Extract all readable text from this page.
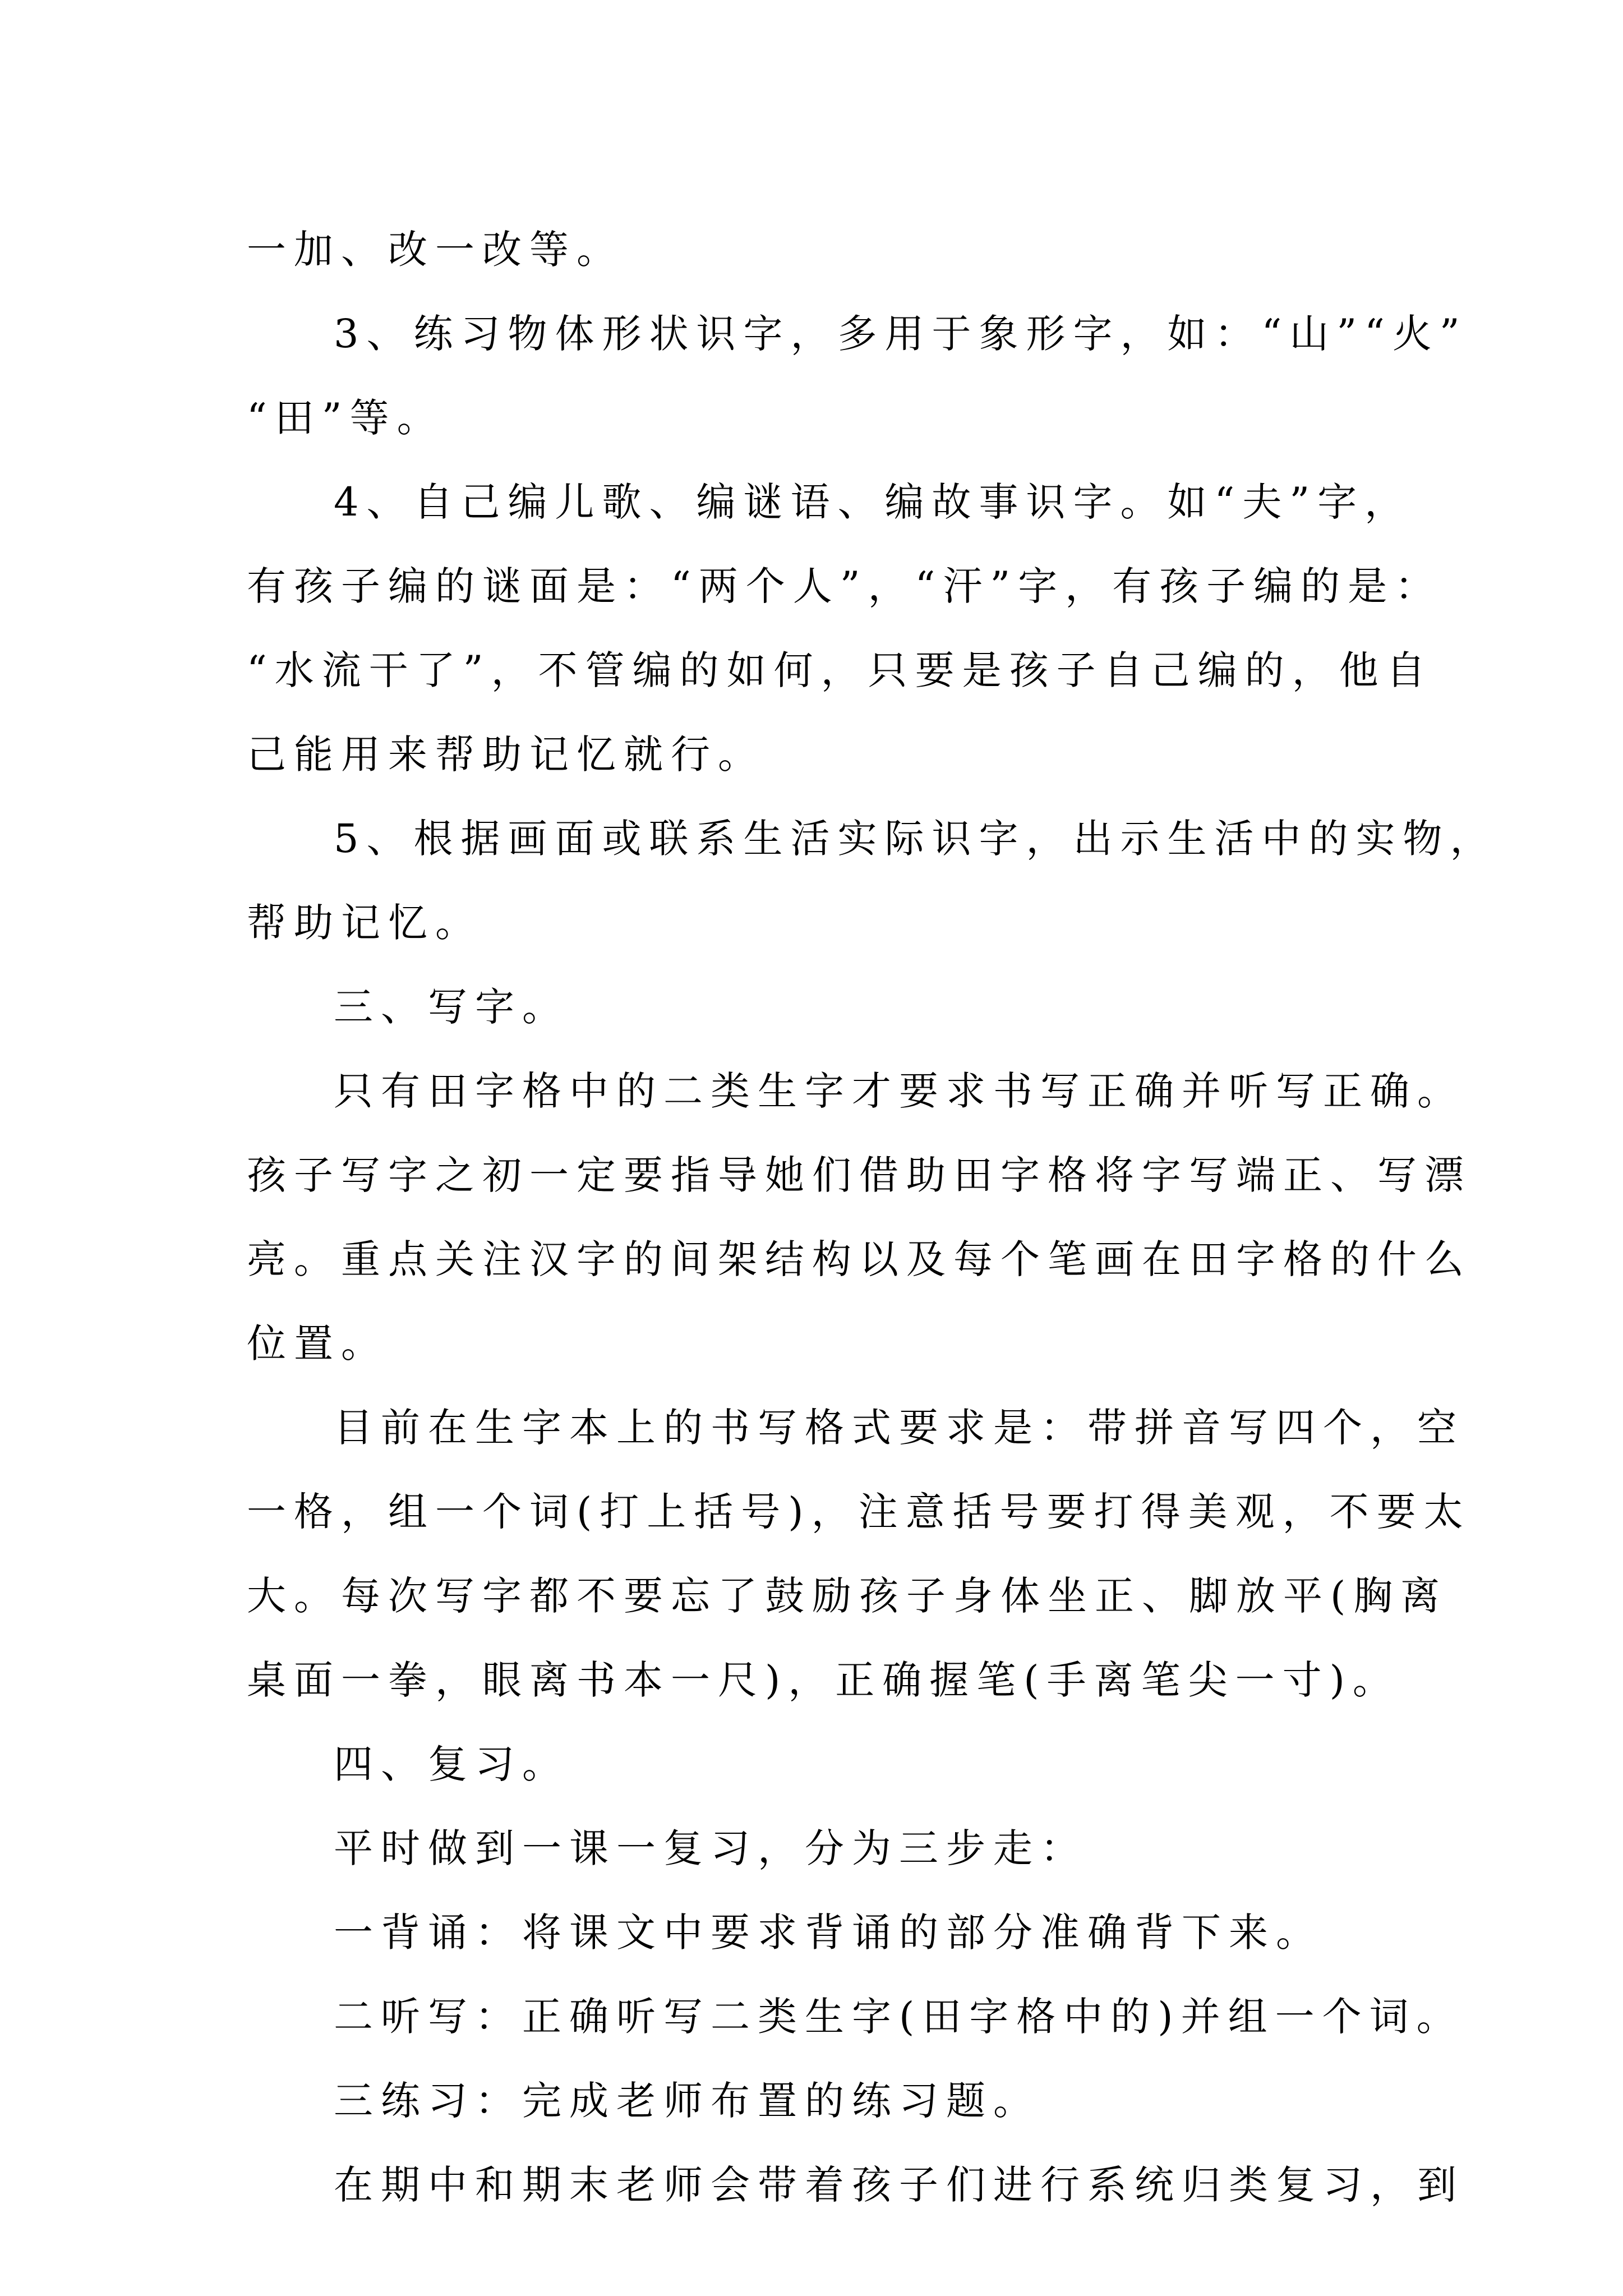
一加、改一改等。
3、练习物体形状识字，多用于象形字，如：“山”“火”
“田”等。
4、自己编儿歌、编谜语、编故事识字。如“夫”字，
有孩子编的谜面是：“两个人”，“汗”字，有孩子编的是：
“水流干了”，不管编的如何，只要是孩子自己编的，他自
己能用来帮助记忆就行。
5、根据画面或联系生活实际识字，出示生活中的实物，
帮助记忆。
三、写字。
只有田字格中的二类生字才要求书写正确并听写正确。
孩子写字之初一定要指导她们借助田字格将字写端正、写漂
亮。重点关注汉字的间架结构以及每个笔画在田字格的什么
位置。
目前在生字本上的书写格式要求是：带拼音写四个，空
一格，组一个词(打上括号)，注意括号要打得美观，不要太
大。每次写字都不要忘了鼓励孩子身体坐正、脚放平(胸离
桌面一拳，眼离书本一尺)，正确握笔(手离笔尖一寸)。
四、复习。
平时做到一课一复习，分为三步走：
一背诵：将课文中要求背诵的部分准确背下来。
二听写：正确听写二类生字(田字格中的)并组一个词。
三练习：完成老师布置的练习题。
在期中和期末老师会带着孩子们进行系统归类复习，到
